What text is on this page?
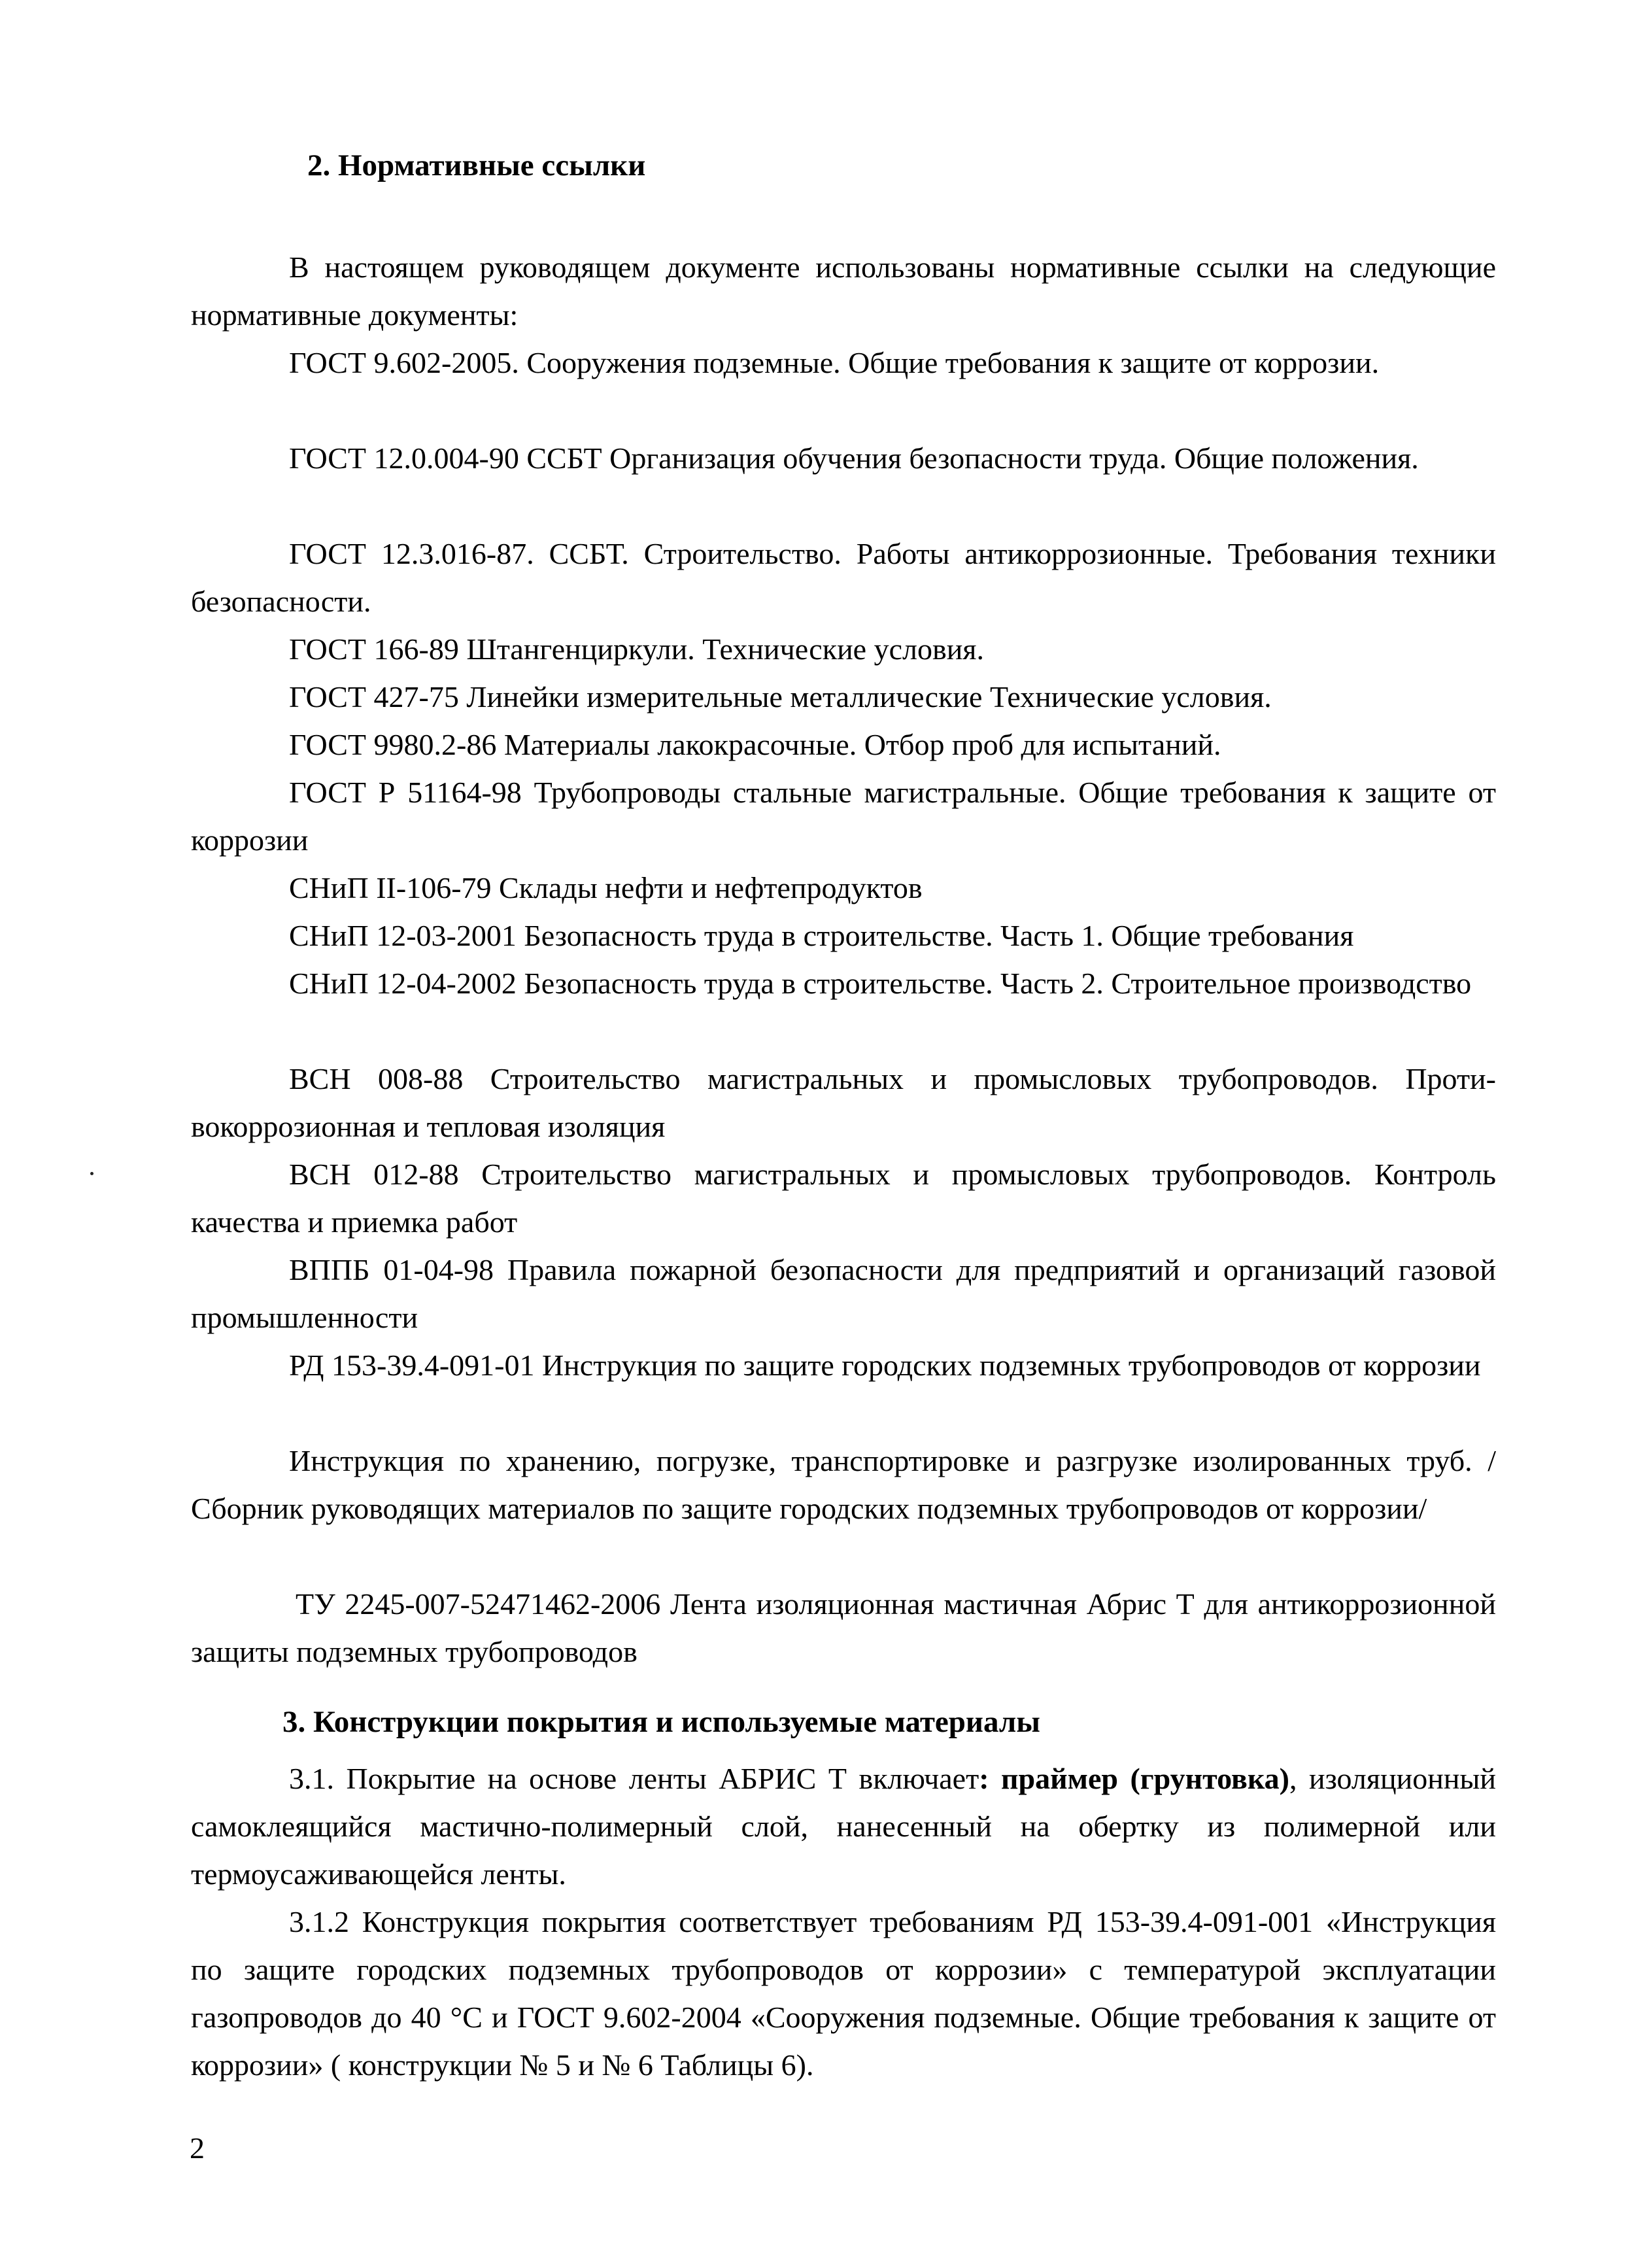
2. Нормативные ссылки

В настоящем руководящем документе использованы нормативные ссылки на следующие нормативные документы:

ГОСТ 9.602-2005. Сооружения подземные. Общие требования к защите от коррозии.

ГОСТ 12.0.004-90 ССБТ Организация обучения безопасности труда. Общие положения.

ГОСТ 12.3.016-87. ССБТ. Строительство. Работы антикоррозионные. Требования техники безопасности.

ГОСТ 166-89 Штангенциркули. Технические условия.

ГОСТ 427-75 Линейки измерительные металлические Технические условия.

ГОСТ 9980.2-86 Материалы лакокрасочные. Отбор проб для испытаний.

ГОСТ Р 51164-98 Трубопроводы стальные магистральные. Общие требования к защите от коррозии

СНиП II-106-79 Склады нефти и нефтепродуктов

СНиП 12-03-2001 Безопасность труда в строительстве. Часть 1. Общие требования

СНиП 12-04-2002 Безопасность труда в строительстве. Часть 2. Строительное производство

ВСН 008-88 Строительство магистральных и промысловых трубопроводов. Противокоррозионная и тепловая изоляция

ВСН 012-88 Строительство магистральных и промысловых трубопроводов. Контроль качества и приемка работ

ВППБ 01-04-98 Правила пожарной безопасности для предприятий и организаций газовой промышленности

РД 153-39.4-091-01 Инструкция по защите городских подземных трубопроводов от коррозии

Инструкция по хранению, погрузке, транспортировке и разгрузке изолированных труб. /Сборник руководящих материалов по защите городских подземных трубопроводов от коррозии/

ТУ 2245-007-52471462-2006 Лента изоляционная мастичная Абрис Т для антикоррозионной защиты подземных трубопроводов

3. Конструкции покрытия и используемые материалы

3.1. Покрытие на основе ленты АБРИС Т включает: праймер (грунтовка), изоляционный самоклеящийся мастично-полимерный слой, нанесенный на обертку из полимерной или термоусаживающейся ленты.

3.1.2 Конструкция покрытия соответствует требованиям РД 153-39.4-091-001 «Инструкция по защите городских подземных трубопроводов от коррозии» с температурой эксплуатации газопроводов до 40 °С и ГОСТ 9.602-2004 «Сооружения подземные. Общие требования к защите от коррозии» ( конструкции № 5 и № 6 Таблицы 6).

2
